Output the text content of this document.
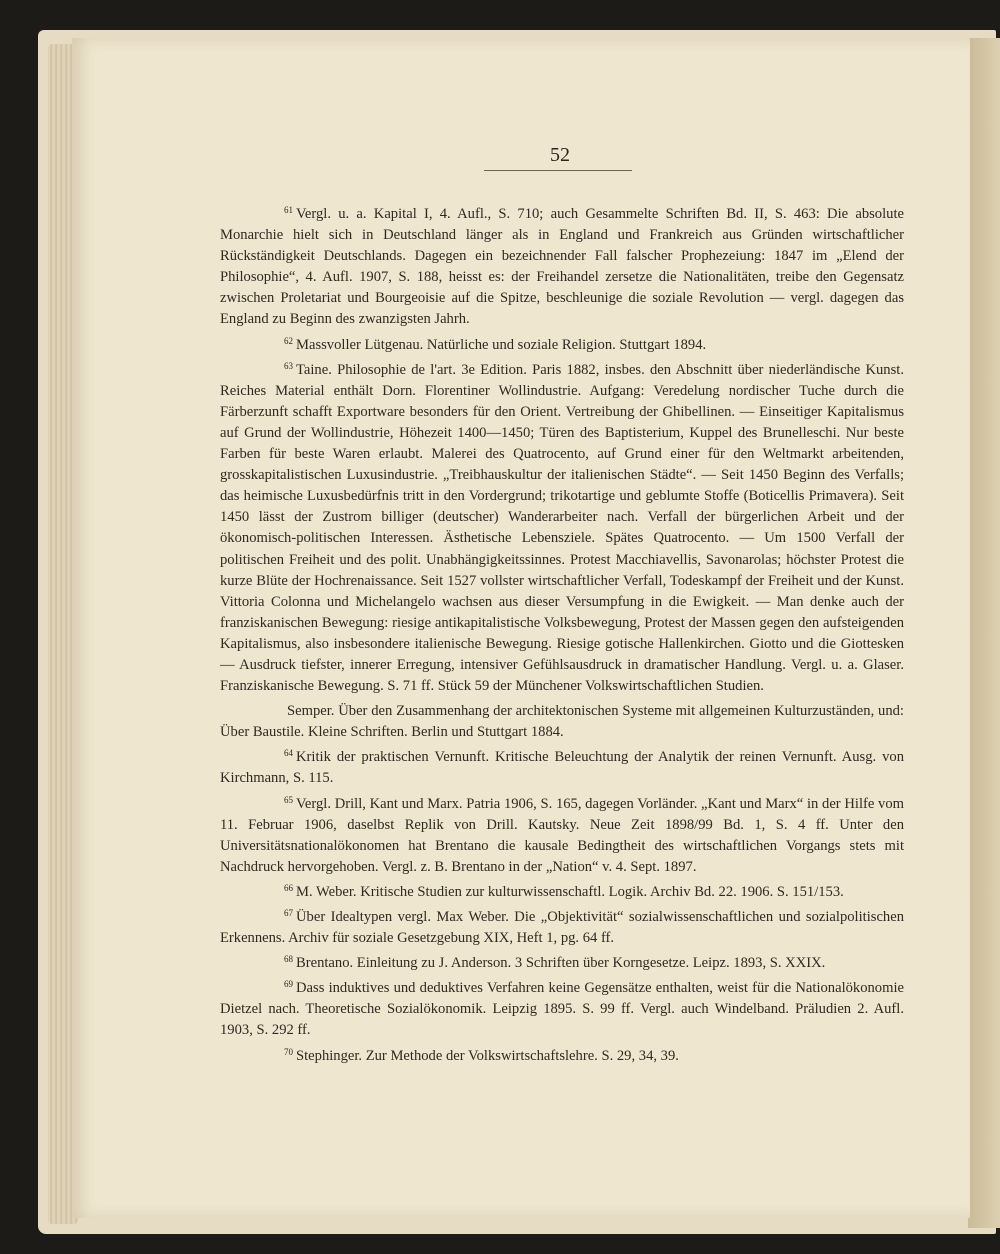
52

$^{61}$ Vergl. u. a. Kapital I, 4. Aufl., S. 710; auch Gesammelte Schriften Bd. II, S. 463: Die absolute Monarchie hielt sich in Deutschland länger als in England und Frankreich aus Gründen wirtschaftlicher Rückständigkeit Deutschlands. Dagegen ein bezeichnender Fall falscher Prophezeiung: 1847 im „Elend der Philosophie“, 4. Aufl. 1907, S. 188, heisst es: der Freihandel zersetze die Nationalitäten, treibe den Gegensatz zwischen Proletariat und Bourgeoisie auf die Spitze, beschleunige die soziale Revolution — vergl. dagegen das England zu Beginn des zwanzigsten Jahrh.

$^{62}$ Massvoller Lütgenau. Natürliche und soziale Religion. Stuttgart 1894.

$^{63}$ Taine. Philosophie de l'art. 3e Edition. Paris 1882, insbes. den Abschnitt über niederländische Kunst. Reiches Material enthält Dorn. Florentiner Wollindustrie. Aufgang: Veredelung nordischer Tuche durch die Färberzunft schafft Exportware besonders für den Orient. Vertreibung der Ghibellinen. — Einseitiger Kapitalismus auf Grund der Wollindustrie, Höhezeit 1400—1450; Türen des Baptisterium, Kuppel des Brunelleschi. Nur beste Farben für beste Waren erlaubt. Malerei des Quatrocento, auf Grund einer für den Weltmarkt arbeitenden, grosskapitalistischen Luxusindustrie. „Treibhauskultur der italienischen Städte“. — Seit 1450 Beginn des Verfalls; das heimische Luxusbedürfnis tritt in den Vordergrund; trikotartige und geblumte Stoffe (Boticellis Primavera). Seit 1450 lässt der Zustrom billiger (deutscher) Wanderarbeiter nach. Verfall der bürgerlichen Arbeit und der ökonomisch-politischen Interessen. Ästhetische Lebensziele. Spätes Quatrocento. — Um 1500 Verfall der politischen Freiheit und des polit. Unabhängigkeitssinnes. Protest Macchiavellis, Savonarolas; höchster Protest die kurze Blüte der Hochrenaissance. Seit 1527 vollster wirtschaftlicher Verfall, Todeskampf der Freiheit und der Kunst. Vittoria Colonna und Michelangelo wachsen aus dieser Versumpfung in die Ewigkeit. — Man denke auch der franziskanischen Bewegung: riesige antikapitalistische Volksbewegung, Protest der Massen gegen den aufsteigenden Kapitalismus, also insbesondere italienische Bewegung. Riesige gotische Hallenkirchen. Giotto und die Giottesken — Ausdruck tiefster, innerer Erregung, intensiver Gefühlsausdruck in dramatischer Handlung. Vergl. u. a. Glaser. Franziskanische Bewegung. S. 71 ff. Stück 59 der Münchener Volkswirtschaftlichen Studien.

Semper. Über den Zusammenhang der architektonischen Systeme mit allgemeinen Kulturzuständen, und: Über Baustile. Kleine Schriften. Berlin und Stuttgart 1884.

$^{64}$ Kritik der praktischen Vernunft. Kritische Beleuchtung der Analytik der reinen Vernunft. Ausg. von Kirchmann, S. 115.

$^{65}$ Vergl. Drill, Kant und Marx. Patria 1906, S. 165, dagegen Vorländer. „Kant und Marx“ in der Hilfe vom 11. Februar 1906, daselbst Replik von Drill. Kautsky. Neue Zeit 1898/99 Bd. 1, S. 4 ff. Unter den Universitätsnationalökonomen hat Brentano die kausale Bedingtheit des wirtschaftlichen Vorgangs stets mit Nachdruck hervorgehoben. Vergl. z. B. Brentano in der „Nation“ v. 4. Sept. 1897.

$^{66}$ M. Weber. Kritische Studien zur kulturwissenschaftl. Logik. Archiv Bd. 22. 1906. S. 151/153.

$^{67}$ Über Idealtypen vergl. Max Weber. Die „Objektivität“ sozialwissenschaftlichen und sozialpolitischen Erkennens. Archiv für soziale Gesetzgebung XIX, Heft 1, pg. 64 ff.

$^{68}$ Brentano. Einleitung zu J. Anderson. 3 Schriften über Korngesetze. Leipz. 1893, S. XXIX.

$^{69}$ Dass induktives und deduktives Verfahren keine Gegensätze enthalten, weist für die Nationalökonomie Dietzel nach. Theoretische Sozialökonomik. Leipzig 1895. S. 99 ff. Vergl. auch Windelband. Präludien 2. Aufl. 1903, S. 292 ff.

$^{70}$ Stephinger. Zur Methode der Volkswirtschaftslehre. S. 29, 34, 39.
